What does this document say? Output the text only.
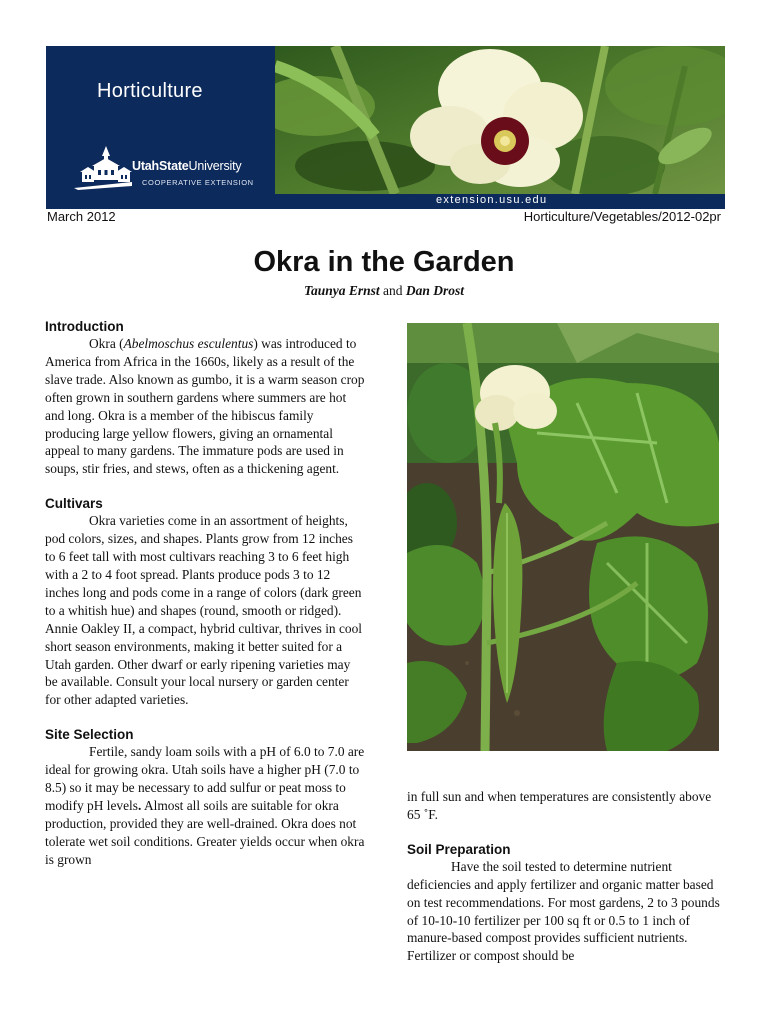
Horticulture
UtahStateUniversity
COOPERATIVE EXTENSION
extension.usu.edu
March 2012	Horticulture/Vegetables/2012-02pr
Okra in the Garden
Taunya Ernst and Dan Drost
Introduction

Okra (Abelmoschus esculentus) was introduced to America from Africa in the 1660s, likely as a result of the slave trade. Also known as gumbo, it is a warm season crop often grown in southern gardens where summers are hot and long. Okra is a member of the hibiscus family producing large yellow flowers, giving an ornamental appeal to many gardens. The immature pods are used in soups, stir fries, and stews, often as a thickening agent.

Cultivars

Okra varieties come in an assortment of heights, pod colors, sizes, and shapes. Plants grow from 12 inches to 6 feet tall with most cultivars reaching 3 to 6 feet high with a 2 to 4 foot spread. Plants produce pods 3 to 12 inches long and pods come in a range of colors (dark green to a whitish hue) and shapes (round, smooth or ridged). Annie Oakley II, a compact, hybrid cultivar, thrives in cool short season environments, making it better suited for a Utah garden. Other dwarf or early ripening varieties may be available. Consult your local nursery or garden center for other adapted varieties.

Site Selection

Fertile, sandy loam soils with a pH of 6.0 to 7.0 are ideal for growing okra. Utah soils have a higher pH (7.0 to 8.5) so it may be necessary to add sulfur or peat moss to modify pH levels. Almost all soils are suitable for okra production, provided they are well-drained. Okra does not tolerate wet soil conditions. Greater yields occur when okra is grown

in full sun and when temperatures are consistently above 65 ˚F.

Soil Preparation

Have the soil tested to determine nutrient deficiencies and apply fertilizer and organic matter based on test recommendations. For most gardens, 2 to 3 pounds of 10-10-10 fertilizer per 100 sq ft or 0.5 to 1 inch of manure-based compost provides sufficient nutrients. Fertilizer or compost should be
